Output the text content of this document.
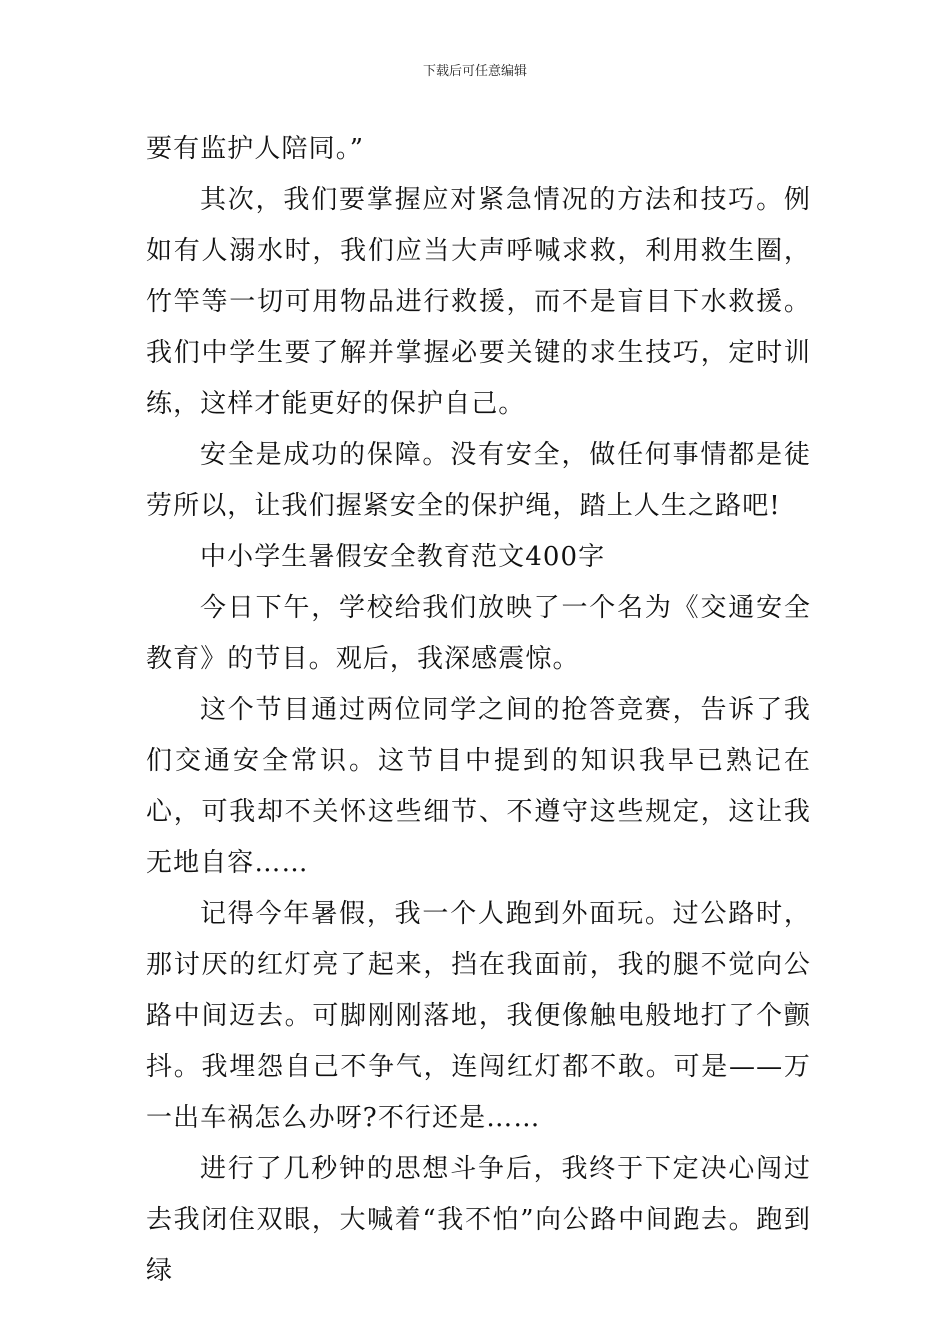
下载后可任意编辑

要有监护人陪同。”

其次，我们要掌握应对紧急情况的方法和技巧。例如有人溺水时，我们应当大声呼喊求救，利用救生圈，竹竿等一切可用物品进行救援，而不是盲目下水救援。我们中学生要了解并掌握必要关键的求生技巧，定时训练，这样才能更好的保护自己。

安全是成功的保障。没有安全，做任何事情都是徒劳所以，让我们握紧安全的保护绳，踏上人生之路吧!

中小学生暑假安全教育范文400字

今日下午，学校给我们放映了一个名为《交通安全教育》的节目。观后，我深感震惊。

这个节目通过两位同学之间的抢答竞赛，告诉了我们交通安全常识。这节目中提到的知识我早已熟记在心，可我却不关怀这些细节、不遵守这些规定，这让我无地自容……

记得今年暑假，我一个人跑到外面玩。过公路时，那讨厌的红灯亮了起来，挡在我面前，我的腿不觉向公路中间迈去。可脚刚刚落地，我便像触电般地打了个颤抖。我埋怨自己不争气，连闯红灯都不敢。可是——万一出车祸怎么办呀?不行还是……

进行了几秒钟的思想斗争后，我终于下定决心闯过去我闭住双眼，大喊着“我不怕”向公路中间跑去。跑到绿
